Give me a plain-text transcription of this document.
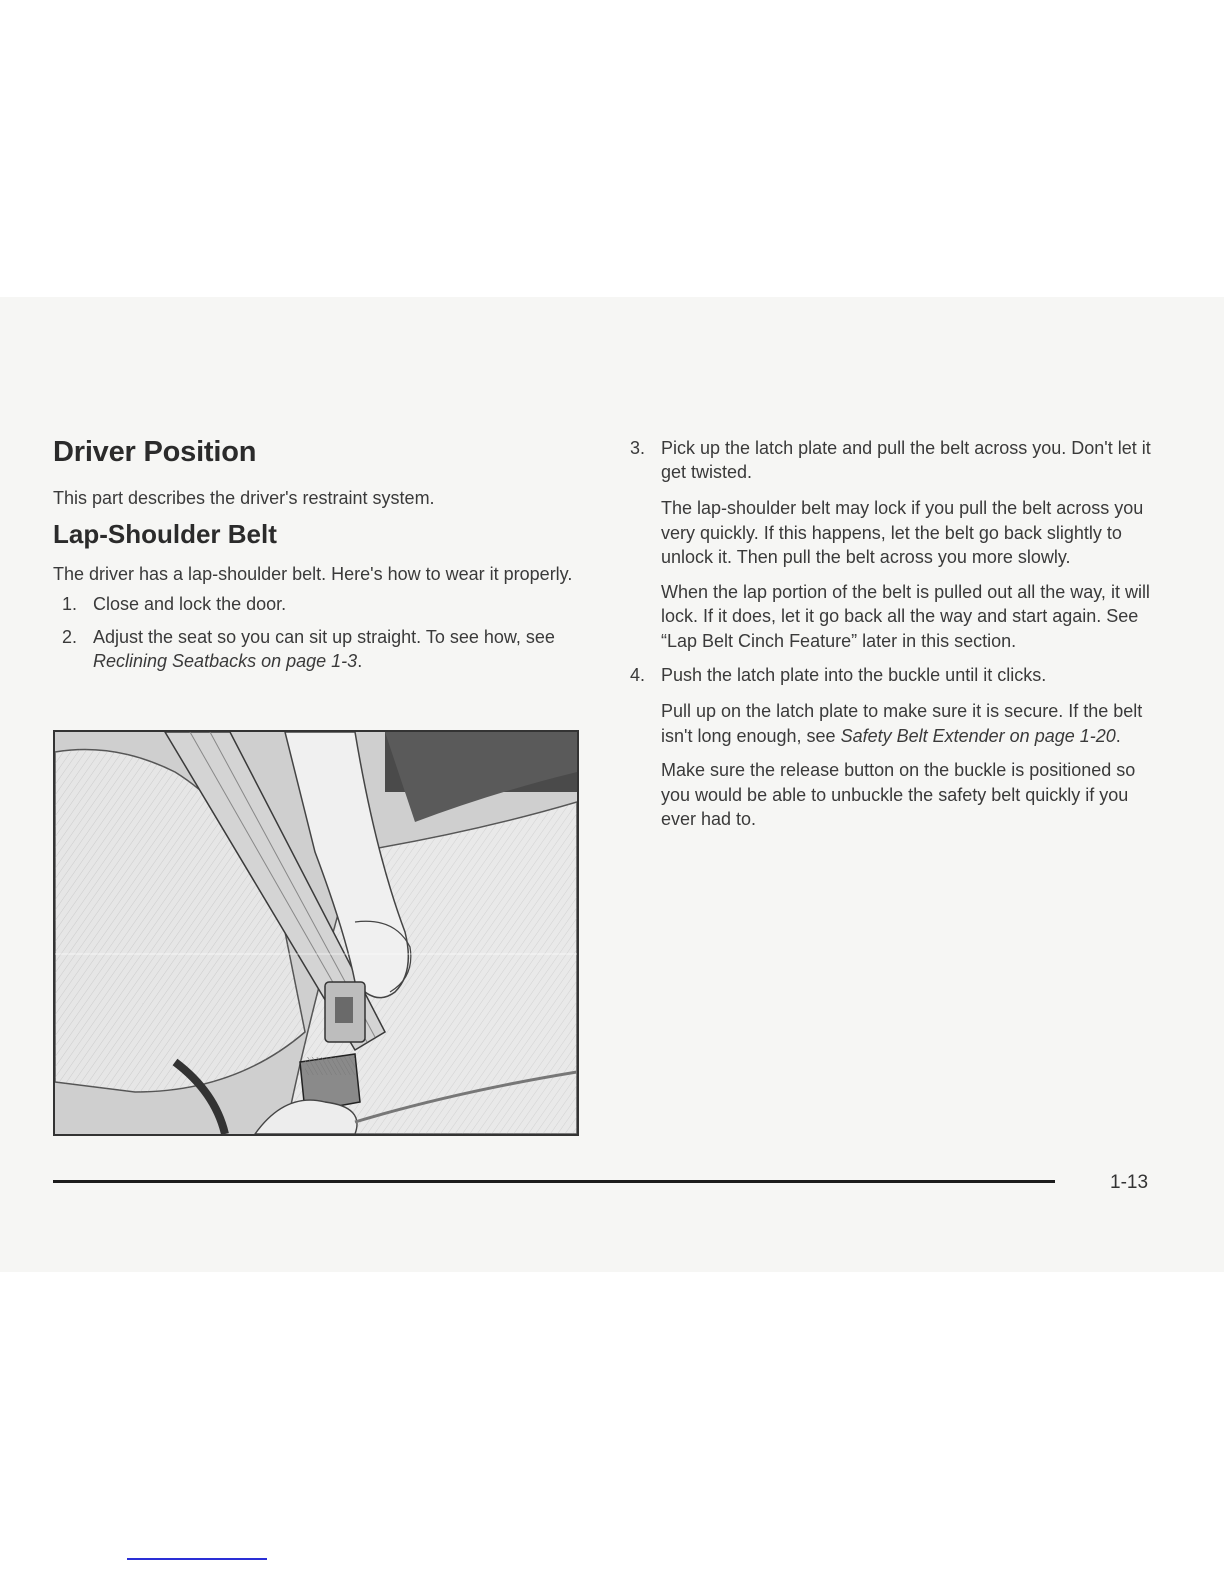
Driver Position

This part describes the driver's restraint system.

Lap-Shoulder Belt

The driver has a lap-shoulder belt. Here's how to wear it properly.

1. Close and lock the door.
2. Adjust the seat so you can sit up straight. To see how, see Reclining Seatbacks on page 1-3.
3. Pick up the latch plate and pull the belt across you. Don't let it get twisted.

The lap-shoulder belt may lock if you pull the belt across you very quickly. If this happens, let the belt go back slightly to unlock it. Then pull the belt across you more slowly.

When the lap portion of the belt is pulled out all the way, it will lock. If it does, let it go back all the way and start again. See “Lap Belt Cinch Feature” later in this section.

4. Push the latch plate into the buckle until it clicks.

Pull up on the latch plate to make sure it is secure. If the belt isn't long enough, see Safety Belt Extender on page 1-20.

Make sure the release button on the buckle is positioned so you would be able to unbuckle the safety belt quickly if you ever had to.

1-13
